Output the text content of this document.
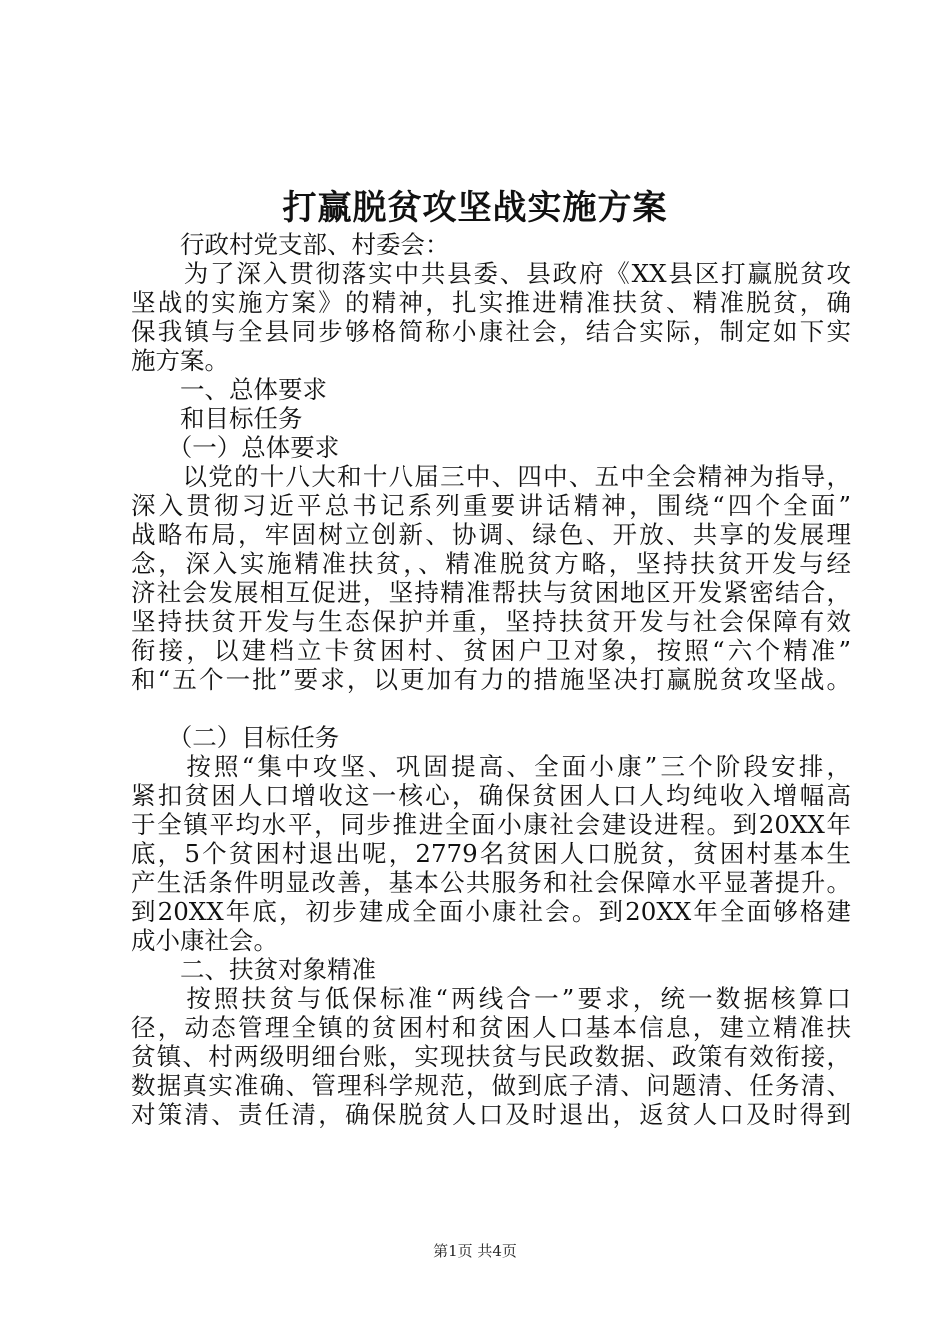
打赢脱贫攻坚战实施方案
　　行政村党支部、村委会：
　　为了深入贯彻落实中共县委、县政府《XX县区打赢脱贫攻
坚战的实施方案》的精神，扎实推进精准扶贫、精准脱贫，确
保我镇与全县同步够格简称小康社会，结合实际，制定如下实
施方案。
　　一、总体要求
　　和目标任务
　　（一）总体要求
　　以党的十八大和十八届三中、四中、五中全会精神为指导，
深入贯彻习近平总书记系列重要讲话精神，围绕“四个全面”
战略布局，牢固树立创新、协调、绿色、开放、共享的发展理
念，深入实施精准扶贫，、精准脱贫方略，坚持扶贫开发与经
济社会发展相互促进，坚持精准帮扶与贫困地区开发紧密结合，
坚持扶贫开发与生态保护并重，坚持扶贫开发与社会保障有效
衔接，以建档立卡贫困村、贫困户卫对象，按照“六个精准”
和“五个一批”要求，以更加有力的措施坚决打赢脱贫攻坚战。
　　（二）目标任务
　　按照“集中攻坚、巩固提高、全面小康”三个阶段安排，
紧扣贫困人口增收这一核心，确保贫困人口人均纯收入增幅高
于全镇平均水平，同步推进全面小康社会建设进程。到20XX年
底，5个贫困村退出呢，2779名贫困人口脱贫，贫困村基本生
产生活条件明显改善，基本公共服务和社会保障水平显著提升。
到20XX年底，初步建成全面小康社会。到20XX年全面够格建
成小康社会。
　　二、扶贫对象精准
　　按照扶贫与低保标准“两线合一”要求，统一数据核算口
径，动态管理全镇的贫困村和贫困人口基本信息，建立精准扶
贫镇、村两级明细台账，实现扶贫与民政数据、政策有效衔接，
数据真实准确、管理科学规范，做到底子清、问题清、任务清、
对策清、责任清，确保脱贫人口及时退出，返贫人口及时得到
第1页 共4页
